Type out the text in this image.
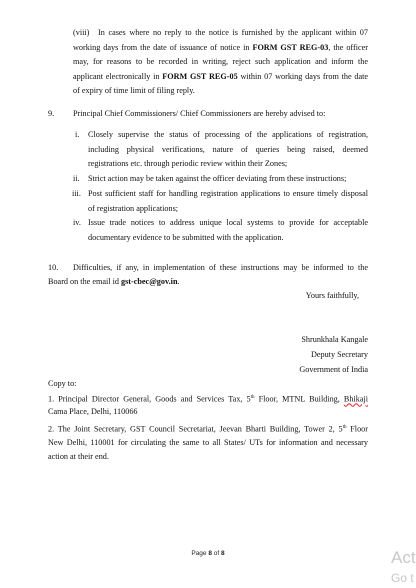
(viii) In cases where no reply to the notice is furnished by the applicant within 07
working days from the date of issuance of notice in FORM GST REG-03, the officer
may, for reasons to be recorded in writing, reject such application and inform the
applicant electronically in FORM GST REG-05 within 07 working days from the date
of expiry of time limit of filing reply.
9. Principal Chief Commissioners/ Chief Commissioners are hereby advised to:
i. Closely supervise the status of processing of the applications of registration,
including physical verifications, nature of queries being raised, deemed
registrations etc. through periodic review within their Zones;
ii. Strict action may be taken against the officer deviating from these instructions;
iii. Post sufficient staff for handling registration applications to ensure timely disposal
of registration applications;
iv. Issue trade notices to address unique local systems to provide for acceptable
documentary evidence to be submitted with the application.
10. Difficulties, if any, in implementation of these instructions may be informed to the
Board on the email id gst-cbec@gov.in.
Yours faithfully,
Shrunkhala Kangale
Deputy Secretary
Government of India
Copy to:
1. Principal Director General, Goods and Services Tax, 5th Floor, MTNL Building, Bhikaji
Cama Place, Delhi, 110066
2. The Joint Secretary, GST Council Secretariat, Jeevan Bharti Building, Tower 2, 5th Floor
New Delhi, 110001 for circulating the same to all States/ UTs for information and necessary
action at their end.
Page 8 of 8	Act
Go t
